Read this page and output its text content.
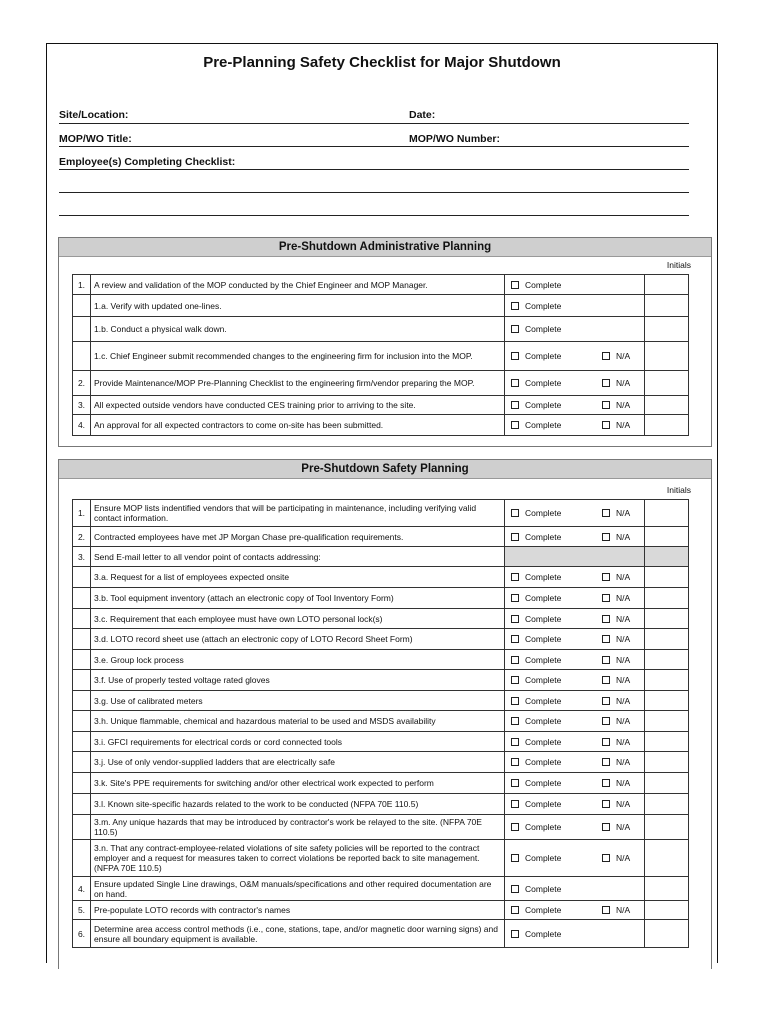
Pre-Planning Safety Checklist for Major Shutdown
Site/Location:	Date:
MOP/WO Title:	MOP/WO Number:
Employee(s) Completing Checklist:
Pre-Shutdown Administrative Planning
Initials
1.	A review and validation of the MOP conducted by the Chief Engineer and MOP Manager.	Complete		
	1.a. Verify with updated one-lines.	Complete		
	1.b. Conduct a physical walk down.	Complete		
	1.c. Chief Engineer submit recommended changes to the engineering firm for inclusion into the MOP.	Complete	N/A	
2.	Provide Maintenance/MOP Pre-Planning Checklist to the engineering firm/vendor preparing the MOP.	Complete	N/A	
3.	All expected outside vendors have conducted CES training prior to arriving to the site.	Complete	N/A	
4.	An approval for all expected contractors to come on-site has been submitted.	Complete	N/A	
Pre-Shutdown Safety Planning
Initials
1.	Ensure MOP lists indentified vendors that will be participating in maintenance, including verifying valid contact information.	Complete	N/A	
2.	Contracted employees have met JP Morgan Chase pre-qualification requirements.	Complete	N/A	
3.	Send E-mail letter to all vendor point of contacts addressing:			
	3.a. Request for a list of employees expected onsite	Complete	N/A	
	3.b. Tool equipment inventory (attach an electronic copy of Tool Inventory Form)	Complete	N/A	
	3.c. Requirement that each employee must have own LOTO personal lock(s)	Complete	N/A	
	3.d. LOTO record sheet use (attach an electronic copy of LOTO Record Sheet Form)	Complete	N/A	
	3.e. Group lock process	Complete	N/A	
	3.f. Use of properly tested voltage rated gloves	Complete	N/A	
	3.g. Use of calibrated meters	Complete	N/A	
	3.h. Unique flammable, chemical and hazardous material to be used and MSDS availability	Complete	N/A	
	3.i. GFCI requirements for electrical cords or cord connected tools	Complete	N/A	
	3.j. Use of only vendor-supplied ladders that are electrically safe	Complete	N/A	
	3.k. Site's PPE requirements for switching and/or other electrical work expected to perform	Complete	N/A	
	3.l. Known site-specific hazards related to the work to be conducted (NFPA 70E 110.5)	Complete	N/A	
	3.m. Any unique hazards that may be introduced by contractor's work be relayed to the site. (NFPA 70E 110.5)	Complete	N/A	
	3.n. That any contract-employee-related violations of site safety policies will be reported to the contract employer and a request for measures taken to correct violations be reported back to site management. (NFPA 70E 110.5)	Complete	N/A	
4.	Ensure updated Single Line drawings, O&M manuals/specifications and other required documentation are on hand.	Complete		
5.	Pre-populate LOTO records with contractor's names	Complete	N/A	
6.	Determine area access control methods (i.e., cone, stations, tape, and/or magnetic door warning signs) and ensure all boundary equipment is available.	Complete		
